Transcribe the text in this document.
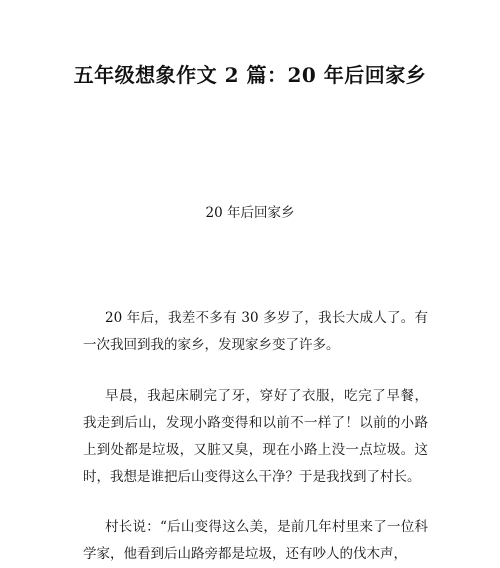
五年级想象作文 2 篇：20 年后回家乡

20 年后回家乡

20 年后，我差不多有 30 多岁了，我长大成人了。有一次我回到我的家乡，发现家乡变了许多。

早晨，我起床刷完了牙，穿好了衣服，吃完了早餐，我走到后山，发现小路变得和以前不一样了！以前的小路上到处都是垃圾，又脏又臭，现在小路上没一点垃圾。这时，我想是谁把后山变得这么干净？于是我找到了村长。

村长说：“后山变得这么美，是前几年村里来了一位科学家，他看到后山路旁都是垃圾，还有吵人的伐木声，
